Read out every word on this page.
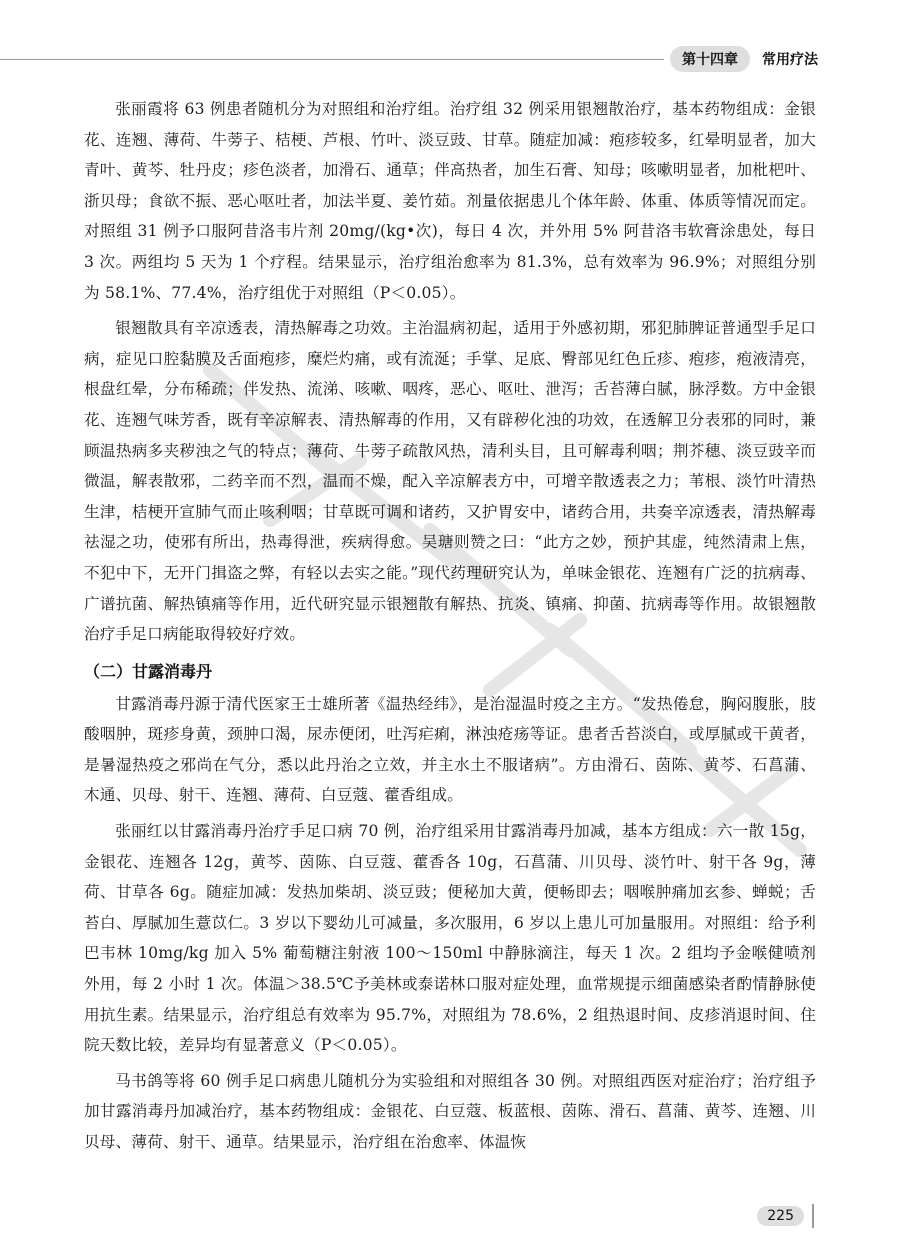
第十四章	常用疗法

张丽霞将 63 例患者随机分为对照组和治疗组。治疗组 32 例采用银翘散治疗，基本药物组成：金银花、连翘、薄荷、牛蒡子、桔梗、芦根、竹叶、淡豆豉、甘草。随症加减：疱疹较多，红晕明显者，加大青叶、黄芩、牡丹皮；疹色淡者，加滑石、通草；伴高热者，加生石膏、知母；咳嗽明显者，加枇杷叶、浙贝母；食欲不振、恶心呕吐者，加法半夏、姜竹茹。剂量依据患儿个体年龄、体重、体质等情况而定。对照组 31 例予口服阿昔洛韦片剂 20mg/(kg•次)，每日 4 次，并外用 5% 阿昔洛韦软膏涂患处，每日 3 次。两组均 5 天为 1 个疗程。结果显示，治疗组治愈率为 81.3%，总有效率为 96.9%；对照组分别为 58.1%、77.4%，治疗组优于对照组（P＜0.05）。

银翘散具有辛凉透表，清热解毒之功效。主治温病初起，适用于外感初期，邪犯肺脾证普通型手足口病，症见口腔黏膜及舌面疱疹，糜烂灼痛，或有流涎；手掌、足底、臀部见红色丘疹、疱疹，疱液清亮，根盘红晕，分布稀疏；伴发热、流涕、咳嗽、咽疼，恶心、呕吐、泄泻；舌苔薄白腻，脉浮数。方中金银花、连翘气味芳香，既有辛凉解表、清热解毒的作用，又有辟秽化浊的功效，在透解卫分表邪的同时，兼顾温热病多夹秽浊之气的特点；薄荷、牛蒡子疏散风热，清利头目，且可解毒利咽；荆芥穗、淡豆豉辛而微温，解表散邪，二药辛而不烈，温而不燥，配入辛凉解表方中，可增辛散透表之力；苇根、淡竹叶清热生津，桔梗开宣肺气而止咳利咽；甘草既可调和诸药，又护胃安中，诸药合用，共奏辛凉透表，清热解毒祛湿之功，使邪有所出，热毒得泄，疾病得愈。吴瑭则赞之曰：“此方之妙，预护其虚，纯然清肃上焦，不犯中下，无开门揖盗之弊，有轻以去实之能。”现代药理研究认为，单味金银花、连翘有广泛的抗病毒、广谱抗菌、解热镇痛等作用，近代研究显示银翘散有解热、抗炎、镇痛、抑菌、抗病毒等作用。故银翘散治疗手足口病能取得较好疗效。

（二）甘露消毒丹

甘露消毒丹源于清代医家王士雄所著《温热经纬》，是治湿温时疫之主方。“发热倦怠，胸闷腹胀，肢酸咽肿，斑疹身黄，颈肿口渴，尿赤便闭，吐泻疟痢，淋浊疮疡等证。患者舌苔淡白，或厚腻或干黄者，是暑湿热疫之邪尚在气分，悉以此丹治之立效，并主水土不服诸病”。方由滑石、茵陈、黄芩、石菖蒲、木通、贝母、射干、连翘、薄荷、白豆蔻、藿香组成。

张丽红以甘露消毒丹治疗手足口病 70 例，治疗组采用甘露消毒丹加减，基本方组成：六一散 15g，金银花、连翘各 12g，黄芩、茵陈、白豆蔻、藿香各 10g，石菖蒲、川贝母、淡竹叶、射干各 9g，薄荷、甘草各 6g。随症加减：发热加柴胡、淡豆豉；便秘加大黄，便畅即去；咽喉肿痛加玄参、蝉蜕；舌苔白、厚腻加生薏苡仁。3 岁以下婴幼儿可减量，多次服用，6 岁以上患儿可加量服用。对照组：给予利巴韦林 10mg/kg 加入 5% 葡萄糖注射液 100～150ml 中静脉滴注，每天 1 次。2 组均予金喉健喷剂外用，每 2 小时 1 次。体温＞38.5℃予美林或泰诺林口服对症处理，血常规提示细菌感染者酌情静脉使用抗生素。结果显示，治疗组总有效率为 95.7%，对照组为 78.6%，2 组热退时间、皮疹消退时间、住院天数比较，差异均有显著意义（P＜0.05）。

马书鸽等将 60 例手足口病患儿随机分为实验组和对照组各 30 例。对照组西医对症治疗；治疗组予加甘露消毒丹加减治疗，基本药物组成：金银花、白豆蔻、板蓝根、茵陈、滑石、菖蒲、黄芩、连翘、川贝母、薄荷、射干、通草。结果显示，治疗组在治愈率、体温恢

225
